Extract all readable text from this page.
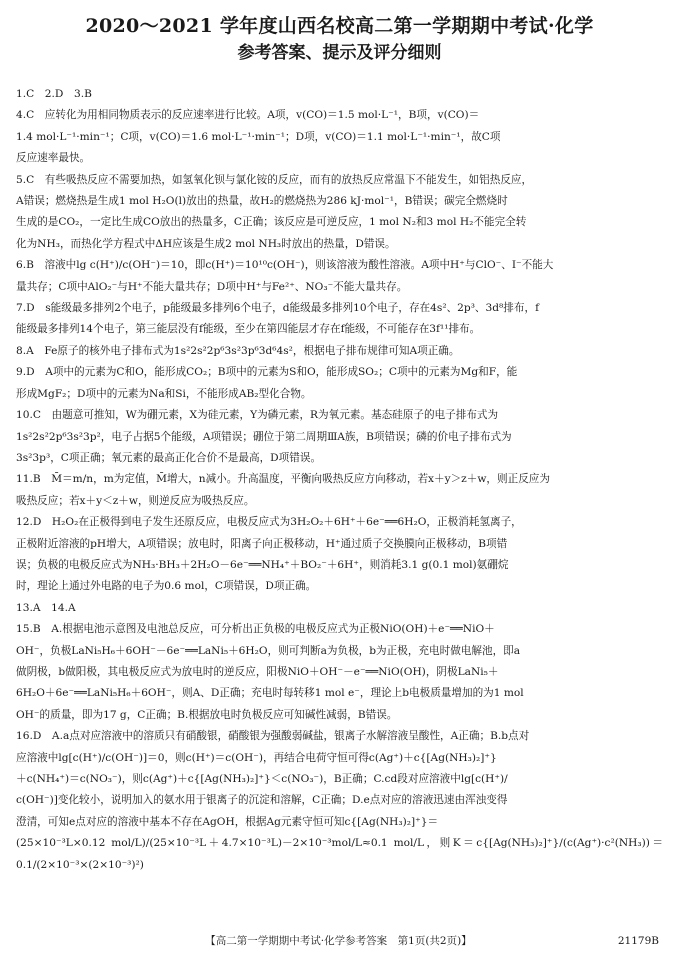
2020～2021 学年度山西名校高二第一学期期中考试·化学
参考答案、提示及评分细则

1.C　2.D　3.B

4.C　应转化为用相同物质表示的反应速率进行比较。A项，v(CO)＝1.5 mol·L⁻¹，B项，v(CO)＝

1.4 mol·L⁻¹·min⁻¹；C项，v(CO)＝1.6 mol·L⁻¹·min⁻¹；D项，v(CO)＝1.1 mol·L⁻¹·min⁻¹，故C项

反应速率最快。

5.C　有些吸热反应不需要加热，如氢氧化钡与氯化铵的反应，而有的放热反应常温下不能发生，如铝热反应，

A错误；燃烧热是生成1 mol H₂O(l)放出的热量，故H₂的燃烧热为286 kJ·mol⁻¹，B错误；碳完全燃烧时

生成的是CO₂，一定比生成CO放出的热量多，C正确；该反应是可逆反应，1 mol N₂和3 mol H₂不能完全转

化为NH₃，而热化学方程式中ΔH应该是生成2 mol NH₃时放出的热量，D错误。

6.B　溶液中lg c(H⁺)/c(OH⁻)＝10，即c(H⁺)＝10¹⁰c(OH⁻)，则该溶液为酸性溶液。A项中H⁺与ClO⁻、I⁻不能大

量共存；C项中AlO₂⁻与H⁺不能大量共存；D项中H⁺与Fe²⁺、NO₃⁻不能大量共存。

7.D　s能级最多排列2个电子，p能级最多排列6个电子，d能级最多排列10个电子，存在4s²、2p³、3d⁸排布，f

能级最多排列14个电子，第三能层没有f能级，至少在第四能层才存在f能级，不可能存在3f¹¹排布。

8.A　Fe原子的核外电子排布式为1s²2s²2p⁶3s²3p⁶3d⁶4s²，根据电子排布规律可知A项正确。

9.D　A项中的元素为C和O，能形成CO₂；B项中的元素为S和O，能形成SO₂；C项中的元素为Mg和F，能

形成MgF₂；D项中的元素为Na和Si，不能形成AB₂型化合物。

10.C　由题意可推知，W为硼元素，X为硅元素，Y为磷元素，R为氧元素。基态硅原子的电子排布式为

1s²2s²2p⁶3s²3p²，电子占据5个能级，A项错误；硼位于第二周期ⅢA族，B项错误；磷的价电子排布式为

3s²3p³，C项正确；氧元素的最高正化合价不是最高，D项错误。

11.B　M̄＝m/n，m为定值，M̄增大，n减小。升高温度，平衡向吸热反应方向移动，若x＋y＞z＋w，则正反应为

吸热反应；若x＋y＜z＋w，则逆反应为吸热反应。

12.D　H₂O₂在正极得到电子发生还原反应，电极反应式为3H₂O₂＋6H⁺＋6e⁻══6H₂O，正极消耗氢离子，

正极附近溶液的pH增大，A项错误；放电时，阳离子向正极移动，H⁺通过质子交换膜向正极移动，B项错

误；负极的电极反应式为NH₃·BH₃＋2H₂O－6e⁻══NH₄⁺＋BO₂⁻＋6H⁺，则消耗3.1 g(0.1 mol)氨硼烷

时，理论上通过外电路的电子为0.6 mol，C项错误，D项正确。

13.A　14.A

15.B　A.根据电池示意图及电池总反应，可分析出正负极的电极反应式为正极NiO(OH)＋e⁻══NiO＋

OH⁻，负极LaNi₅H₆＋6OH⁻－6e⁻══LaNi₅＋6H₂O，则可判断a为负极，b为正极，充电时做电解池，即a

做阴极，b做阳极，其电极反应式为放电时的逆反应，阳极NiO＋OH⁻－e⁻══NiO(OH)，阴极LaNi₅＋

6H₂O＋6e⁻══LaNi₅H₆＋6OH⁻，则A、D正确；充电时每转移1 mol e⁻，理论上b电极质量增加的为1 mol

OH⁻的质量，即为17 g，C正确；B.根据放电时负极反应可知碱性减弱，B错误。

16.D　A.a点对应溶液中的溶质只有硝酸银，硝酸银为强酸弱碱盐，银离子水解溶液呈酸性，A正确；B.b点对

应溶液中lg[c(H⁺)/c(OH⁻)]＝0，则c(H⁺)＝c(OH⁻)，再结合电荷守恒可得c(Ag⁺)＋c{[Ag(NH₃)₂]⁺}

＋c(NH₄⁺)＝c(NO₃⁻)，则c(Ag⁺)＋c{[Ag(NH₃)₂]⁺}＜c(NO₃⁻)，B正确；C.cd段对应溶液中lg[c(H⁺)/

c(OH⁻)]变化较小，说明加入的氨水用于银离子的沉淀和溶解，C正确；D.e点对应的溶液迅速由浑浊变得

澄清，可知e点对应的溶液中基本不存在AgOH，根据Ag元素守恒可知c{[Ag(NH₃)₂]⁺}＝

(25×10⁻³L×0.12 mol/L)/(25×10⁻³L＋4.7×10⁻³L)－2×10⁻³mol/L≈0.1 mol/L，则K＝c{[Ag(NH₃)₂]⁺}/(c(Ag⁺)·c²(NH₃))＝0.1/(2×10⁻³×(2×10⁻³)²)

【高二第一学期期中考试·化学参考答案　第1页(共2页)】	21179B
